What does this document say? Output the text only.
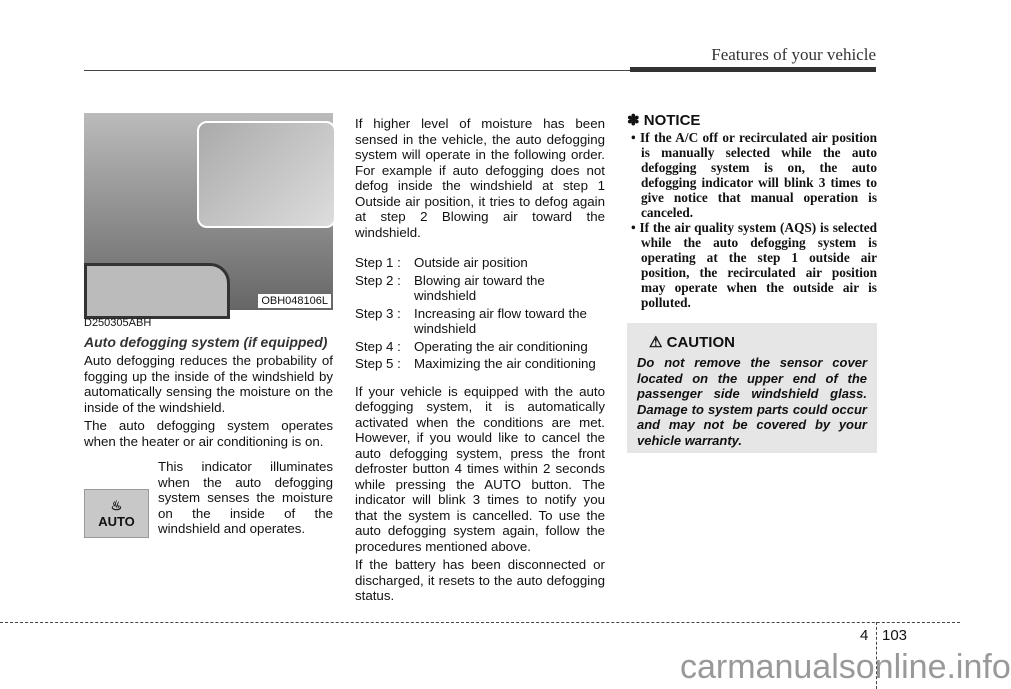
Features of your vehicle
OBH048106L
D250305ABH
Auto defogging system (if equipped)

Auto defogging reduces the probability of fogging up the inside of the windshield by automatically sensing the moisture on the inside of the windshield.

The auto defogging system operates when the heater or air conditioning is on.

♨
AUTO

This indicator illuminates when the auto defogging system senses the moisture on the inside of the windshield and operates.

If higher level of moisture has been sensed in the vehicle, the auto defogging system will operate in the following order. For example if auto defogging does not defog inside the windshield at step 1 Outside air position, it tries to defog again at step 2 Blowing air toward the windshield.

Step 1 : Outside air position
Step 2 : Blowing air toward the windshield
Step 3 : Increasing air flow toward the windshield
Step 4 : Operating the air conditioning
Step 5 : Maximizing the air conditioning

If your vehicle is equipped with the auto defogging system, it is automatically activated when the conditions are met. However, if you would like to cancel the auto defogging system, press the front defroster button 4 times within 2 seconds while pressing the AUTO button. The indicator will blink 3 times to notify you that the system is cancelled. To use the auto defogging system again, follow the procedures mentioned above.

If the battery has been disconnected or discharged, it resets to the auto defogging status.

✽ NOTICE
• If the A/C off or recirculated air position is manually selected while the auto defogging system is on, the auto defogging indicator will blink 3 times to give notice that manual operation is canceled.
• If the air quality system (AQS) is selected while the auto defogging system is operating at the step 1 outside air position, the recirculated air position may operate when the outside air is polluted.
⚠ CAUTION

Do not remove the sensor cover located on the upper end of the passenger side windshield glass. Damage to system parts could occur and may not be covered by your vehicle warranty.

4 103
carmanualsonline.info
